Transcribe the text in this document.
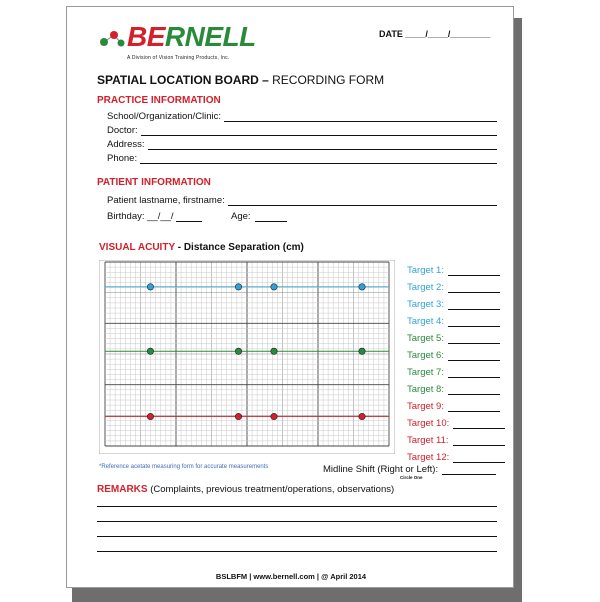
BERNELL
A Division of Vision Training Products, Inc.
DATE ____/____/________
SPATIAL LOCATION BOARD – RECORDING FORM
PRACTICE INFORMATION
School/Organization/Clinic:
Doctor:
Address:
Phone:
PATIENT INFORMATION
Patient lastname, firstname:
Birthday: __/__/	Age:
VISUAL ACUITY - Distance Separation (cm)
Target 1:
Target 2:
Target 3:
Target 4:
Target 5:
Target 6:
Target 7:
Target 8:
Target 9:
Target 10:
Target 11:
Target 12:
*Reference acetate measuring form for accurate measurements	Midline Shift (Right or Left):
Circle One
REMARKS (Complaints, previous treatment/operations, observations)
BSLBFM | www.bernell.com | @ April 2014
